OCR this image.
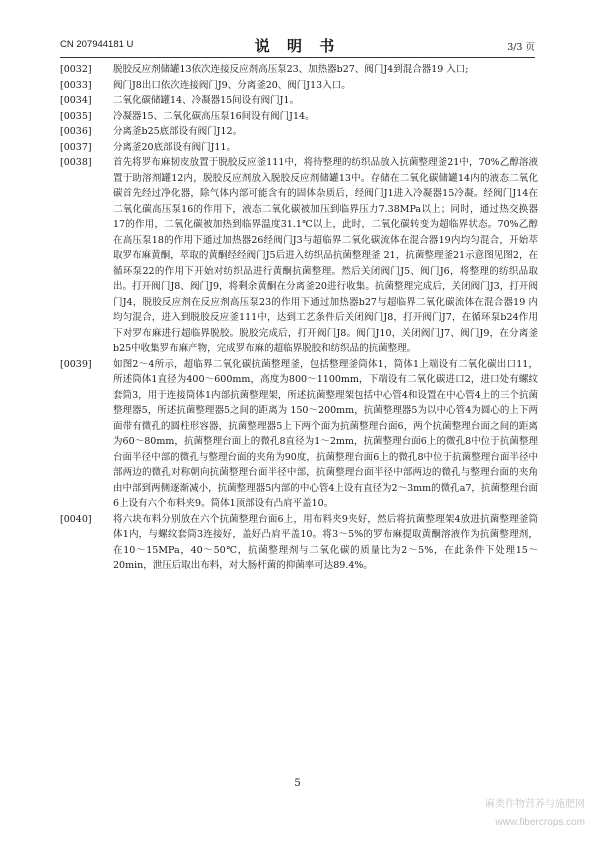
CN 207944181 U	说 明 书	3/3 页
[0032]	脱胶反应剂储罐13依次连接反应剂高压泵23、加热器b27、阀门J4到混合器19 入口;
[0033]	阀门J8出口依次连接阀门J9、分离釜20、阀门J13入口。
[0034]	二氧化碳储罐14、冷凝器15间设有阀门J1。
[0035]	冷凝器15、二氧化碳高压泵16间设有阀门J14。
[0036]	分离釜b25底部设有阀门J12。
[0037]	分离釜20底部设有阀门J11。
[0038]	首先将罗布麻韧皮放置于脱胶反应釜111中，将待整理的纺织品放入抗菌整理釜21中，70%乙醇溶液置于助溶剂罐12内，脱胶反应剂放入脱胶反应剂储罐13中。存储在二氧化碳储罐14内的液态二氧化碳首先经过净化器，除气体内部可能含有的固体杂质后，经阀门J1进入冷凝器15冷凝。经阀门J14在二氧化碳高压泵16的作用下，液态二氧化碳被加压到临界压力7.38MPa以上；同时，通过热交换器17的作用，二氧化碳被加热到临界温度31.1℃以上，此时，二氧化碳转变为超临界状态。70%乙醇在高压泵18的作用下通过加热器26经阀门J3与超临界二氧化碳流体在混合器19内均匀混合，开始萃取罗布麻黄酮，萃取的黄酮经经阀门J5后进入纺织品抗菌整理釜 21，抗菌整理釜21示意图见图2，在循环泵22的作用下开始对纺织品进行黄酮抗菌整理。然后关闭阀门J5、阀门J6，将整理的纺织品取出。打开阀门J8、阀门J9，将剩余黄酮在分离釜20进行收集。抗菌整理完成后，关闭阀门J3，打开阀门J4，脱胶反应剂在反应剂高压泵23的作用下通过加热器b27与超临界二氧化碳流体在混合器19 内均匀混合，进入到脱胶反应釜111中，达到工艺条件后关闭阀门J8，打开阀门J7，在循环泵b24作用下对罗布麻进行超临界脱胶。脱胶完成后，打开阀门J8。阀门J10，关闭阀门J7、阀门J9，在分离釜b25中收集罗布麻产物，完成罗布麻的超临界脱胶和纺织品的抗菌整理。
[0039]	如图2～4所示，超临界二氧化碳抗菌整理釜，包括整理釜筒体1，筒体1上端设有二氧化碳出口11，所述筒体1直径为400～600mm，高度为800～1100mm，下端设有二氧化碳进口2，进口处有螺纹套筒3，用于连接筒体1内部抗菌整理架，所述抗菌整理架包括中心管4和设置在中心管4上的三个抗菌整理器5，所述抗菌整理器5之间的距离为 150～200mm，抗菌整理器5为以中心管4为圆心的上下两面带有微孔的圆柱形容器，抗菌整理器5上下两个面为抗菌整理台面6，两个抗菌整理台面之间的距离为60～80mm，抗菌整理台面上的微孔8直径为1～2mm，抗菌整理台面6上的微孔8中位于抗菌整理台面半径中部的微孔与整理台面的夹角为90度，抗菌整理台面6上的微孔8中位于抗菌整理台面半径中部两边的微孔对称朝向抗菌整理台面半径中部，抗菌整理台面半径中部两边的微孔与整理台面的夹角由中部到两侧逐渐减小，抗菌整理器5内部的中心管4上设有直径为2～3mm的微孔a7，抗菌整理台面6上设有六个布料夹9。筒体1顶部设有凸肩平盖10。
[0040]	将六块布料分别放在六个抗菌整理台面6上，用布料夹9夹好，然后将抗菌整理架4放进抗菌整理釜筒体1内，与螺纹套筒3连接好，盖好凸肩平盖10。将3～5%的罗布麻提取黄酮溶液作为抗菌整理剂，在10～15MPa，40～50℃，抗菌整理剂与二氧化碳的质量比为2～5%，在此条件下处理15～20min，泄压后取出布料，对大肠杆菌的抑菌率可达89.4%。
5
麻类作物营养与施肥网
www.fibercrops.com
